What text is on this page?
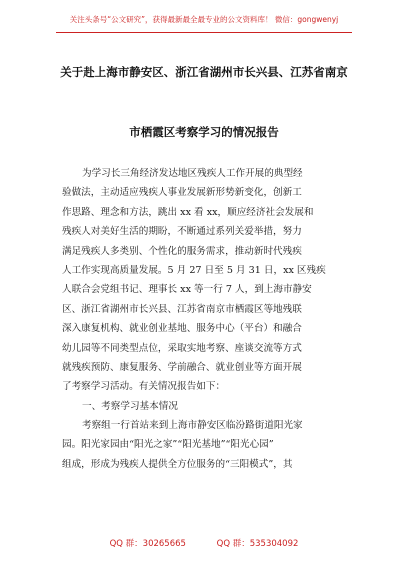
关注头条号“公文研究”，获得最新最全最专业的公文资料库！ 微信：gongwenyj
关于赴上海市静安区、浙江省湖州市长兴县、江苏省南京
市栖霞区考察学习的情况报告
为学习长三角经济发达地区残疾人工作开展的典型经
验做法，主动适应残疾人事业发展新形势新变化，创新工
作思路、理念和方法，跳出 xx 看 xx，顺应经济社会发展和
残疾人对美好生活的期盼，不断通过系列关爱举措，努力
满足残疾人多类别、个性化的服务需求，推动新时代残疾
人工作实现高质量发展。5 月 27 日至 5 月 31 日，xx 区残疾
人联合会党组书记、理事长 xx 等一行 7 人，到上海市静安
区、浙江省湖州市长兴县、江苏省南京市栖霞区等地残联
深入康复机构、就业创业基地、服务中心（平台）和融合
幼儿园等不同类型点位，采取实地考察、座谈交流等方式
就残疾预防、康复服务、学前融合、就业创业等方面开展
了考察学习活动。有关情况报告如下：
一、考察学习基本情况
考察组一行首站来到上海市静安区临汾路街道阳光家
园。阳光家园由“阳光之家”“阳光基地”“阳光心园”
组成，形成为残疾人提供全方位服务的“三阳模式”，其
QQ 群：30265665	QQ 群：535304092
